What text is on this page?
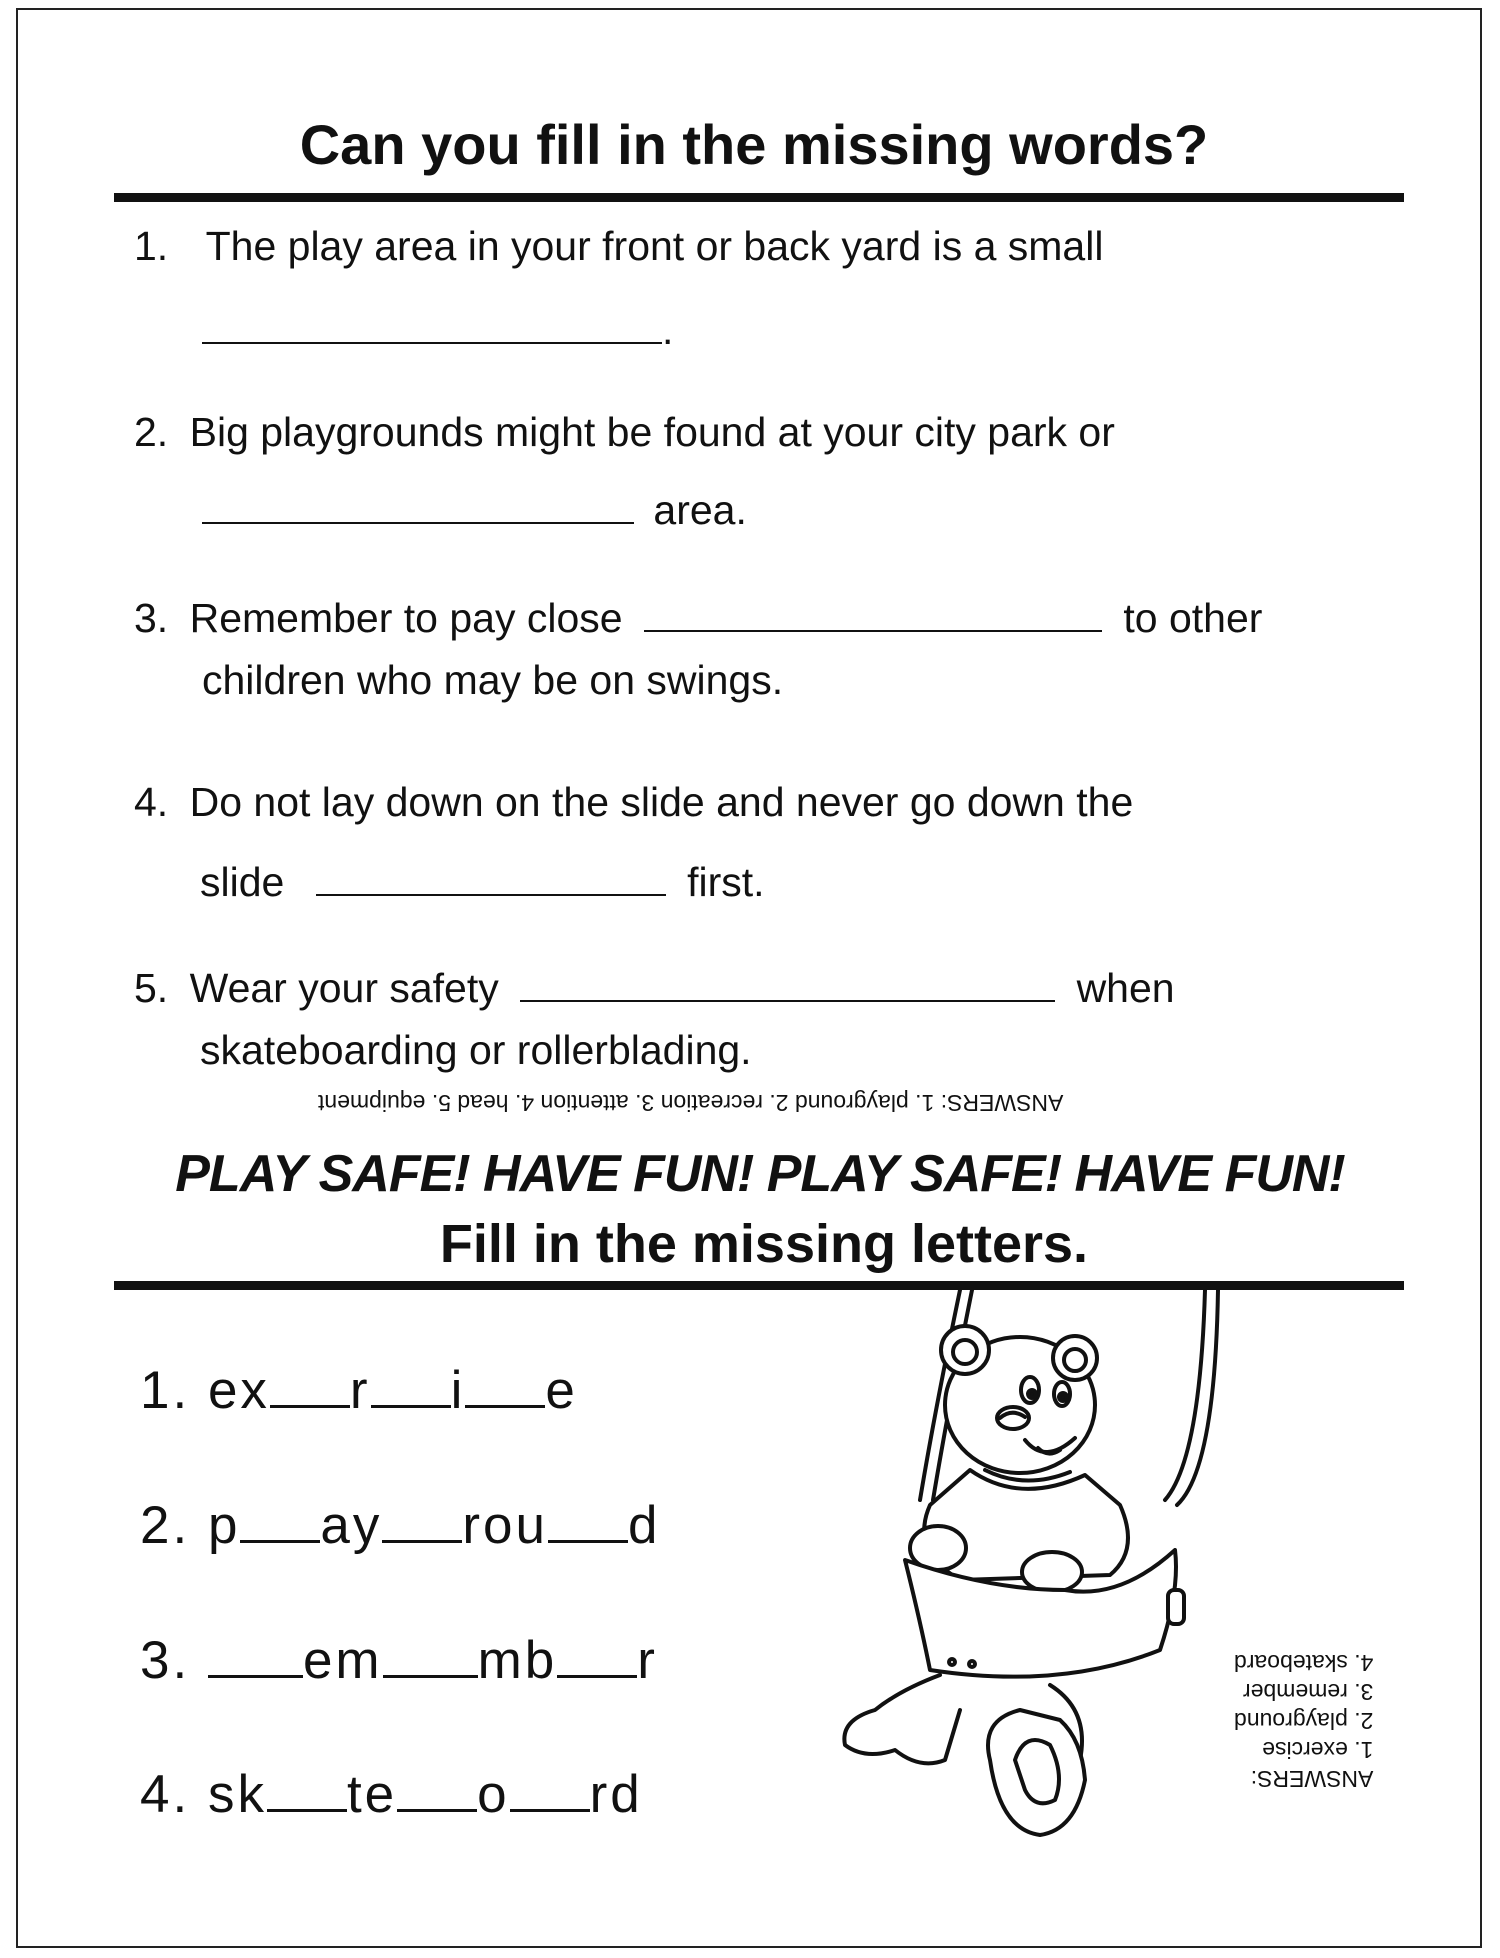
Can you fill in the missing words?
1. The play area in your front or back yard is a small
.
2. Big playgrounds might be found at your city park or
area.
3. Remember to pay close	to other
children who may be on swings.
4. Do not lay down on the slide and never go down the
slide	first.
5. Wear your safety	when
skateboarding or rollerblading.
ANSWERS: 1. playground 2. recreation 3. attention 4. head 5. equipment
PLAY SAFE! HAVE FUN! PLAY SAFE! HAVE FUN!
Fill in the missing letters.
1. ex r i e
2. p ay rou d
3. em mb r
4. sk te o rd	ANSWERS:
1. exercise
2. playground
3. remember
4. skateboard
